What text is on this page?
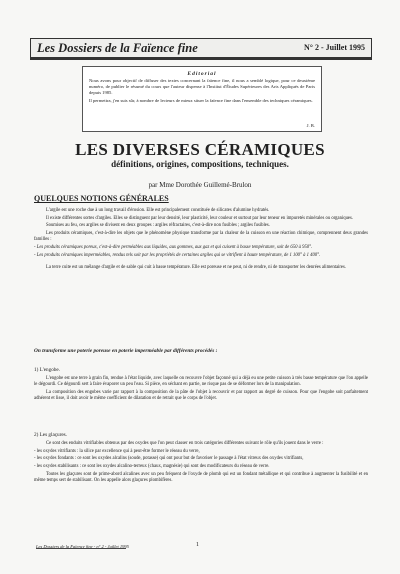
Les Dossiers de la Faïence fine	N° 2 - Juillet 1995
Editorial
Nous avons pour objectif de diffuser des textes concernant la faïence fine, il nous a semblé logique, pour ce deuxième numéro, de publier le résumé du cours que l'auteur dispense à l'Institut d'Études Supérieures des Arts Appliqués de Paris depuis 1985.
Il permettra, j'en suis sûr, à nombre de lecteurs de mieux situer la faïence fine dans l'ensemble des techniques céramiques.
J. B.
LES DIVERSES CÉRAMIQUES
définitions, origines, compositions, techniques.
par Mme Dorothée Guillemé-Brulon
QUELQUES NOTIONS GÉNÉRALES

L'argile est une roche due à un long travail d'érosion. Elle est principalement constituée de silicates d'alumine hydratés.

Il existe différentes sortes d'argiles. Elles se distinguent par leur densité, leur plasticité, leur couleur et surtout par leur teneur en impuretés minérales ou organiques.

Soumises au feu, ces argiles se divisent en deux groupes : argiles réfractaires, c'est-à-dire non fusibles ; argiles fusibles.

Les produits céramiques, c'est-à-dire les objets que le phénomène physique transforme par la chaleur de la cuisson en une réaction chimique, comprennent deux grandes familles :

- Les produits céramiques poreux, c'est-à-dire perméables aux liquides, aux gommes, aux gaz et qui cuisent à basse température, soit de 650 à 950°.

- Les produits céramiques imperméables, rendus tels soit par les propriétés de certaines argiles qui se vitrifient à haute température, de 1 100° à 1 400°.

La terre cuite est un mélange d'argile et de sable qui cuit à basse température. Elle est poreuse et ne peut, ni de rendre, ni de transporter les denrées alimentaires.

On transforme une poterie poreuse en poterie imperméable par différents procédés :
1) L'engobe.

L'engobe est une terre à grain fin, rendue à l'état liquide, avec laquelle on recouvre l'objet façonné qui a déjà eu une petite cuisson à très basse température que l'on appelle le dégourdi. Ce dégourdi sert à faire évaporer un peu l'eau. Si pièce, en séchant en partie, ne risque pas de se déformer lors de la manipulation.

La composition des engobes varie par rapport à la composition de la pâte de l'objet à recouvrir et par rapport au degré de cuisson. Pour que l'engobe soit parfaitement adhérent et lisse, il doit avoir le même coefficient de dilatation et de retrait que le corps de l'objet.

2) Les glaçures.

Ce sont des enduits vitrifiables obtenus par des oxydes que l'on peut classer en trois catégories différentes suivant le rôle qu'ils jouent dans le verre :

- les oxydes vitrifiants : la silice par excellence qui à peut-être former le réseau du verre,

- les oxydes fondants : ce sont les oxydes alcalins (soude, potasse) qui ont pour but de favoriser le passage à l'état vitreux des oxydes vitrifiants,

- les oxydes stabilisants : ce sont les oxydes alcalino-terreux (chaux, magnésie) qui sont des modificateurs du réseau de verre.

Toutes les glaçures sont de prime-abord alcalines avec un peu fréquent de l'oxyde de plomb qui est un fondant métallique et qui contribue à augmenter la fusibilité et en même temps sert de stabilisant. On les appelle alors glaçures plombifères.

Les Dossiers de la Faïence fine - n° 2 - Juillet 1995	1
